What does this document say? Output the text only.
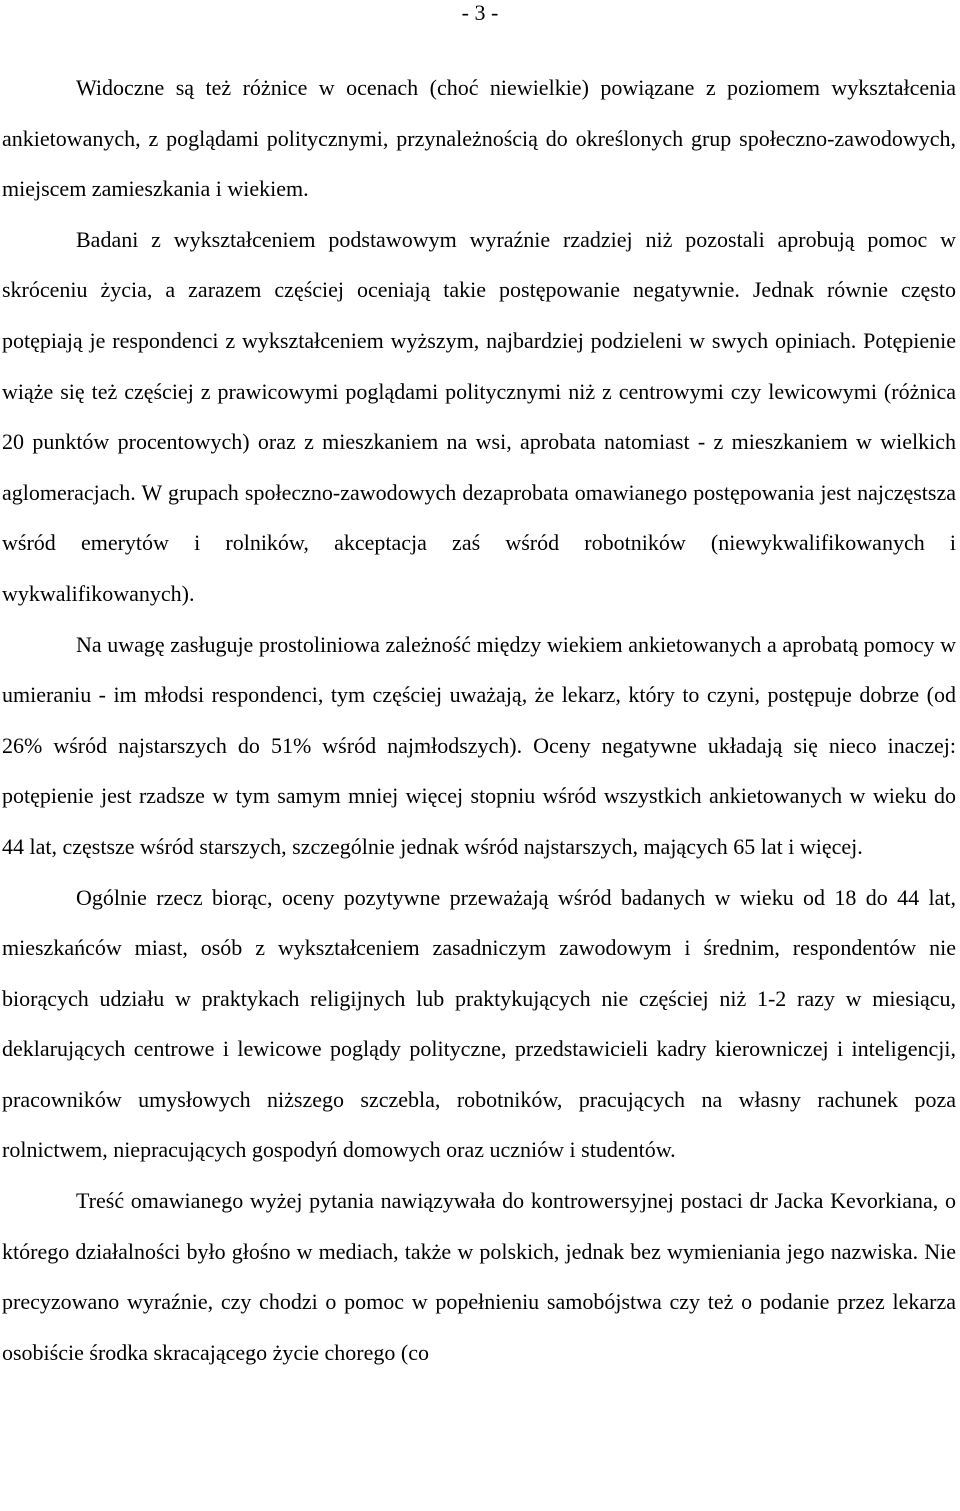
- 3 -

Widoczne są też różnice w ocenach (choć niewielkie) powiązane z poziomem wykształcenia ankietowanych, z poglądami politycznymi, przynależnością do określonych grup społeczno-zawodowych, miejscem zamieszkania i wiekiem.

Badani z wykształceniem podstawowym wyraźnie rzadziej niż pozostali aprobują pomoc w skróceniu życia, a zarazem częściej oceniają takie postępowanie negatywnie. Jednak równie często potępiają je respondenci z wykształceniem wyższym, najbardziej podzieleni w swych opiniach. Potępienie wiąże się też częściej z prawicowymi poglądami politycznymi niż z centrowymi czy lewicowymi (różnica 20 punktów procentowych) oraz z mieszkaniem na wsi, aprobata natomiast - z mieszkaniem w wielkich aglomeracjach. W grupach społeczno-zawodowych dezaprobata omawianego postępowania jest najczęstsza wśród emerytów i rolników, akceptacja zaś wśród robotników (niewykwalifikowanych i wykwalifikowanych).

Na uwagę zasługuje prostoliniowa zależność między wiekiem ankietowanych a aprobatą pomocy w umieraniu - im młodsi respondenci, tym częściej uważają, że lekarz, który to czyni, postępuje dobrze (od 26% wśród najstarszych do 51% wśród najmłodszych). Oceny negatywne układają się nieco inaczej: potępienie jest rzadsze w tym samym mniej więcej stopniu wśród wszystkich ankietowanych w wieku do 44 lat, częstsze wśród starszych, szczególnie jednak wśród najstarszych, mających 65 lat i więcej.

Ogólnie rzecz biorąc, oceny pozytywne przeważają wśród badanych w wieku od 18 do 44 lat, mieszkańców miast, osób z wykształceniem zasadniczym zawodowym i średnim, respondentów nie biorących udziału w praktykach religijnych lub praktykujących nie częściej niż 1-2 razy w miesiącu, deklarujących centrowe i lewicowe poglądy polityczne, przedstawicieli kadry kierowniczej i inteligencji, pracowników umysłowych niższego szczebla, robotników, pracujących na własny rachunek poza rolnictwem, niepracujących gospodyń domowych oraz uczniów i studentów.

Treść omawianego wyżej pytania nawiązywała do kontrowersyjnej postaci dr Jacka Kevorkiana, o którego działalności było głośno w mediach, także w polskich, jednak bez wymieniania jego nazwiska. Nie precyzowano wyraźnie, czy chodzi o pomoc w popełnieniu samobójstwa czy też o podanie przez lekarza osobiście środka skracającego życie chorego (co
